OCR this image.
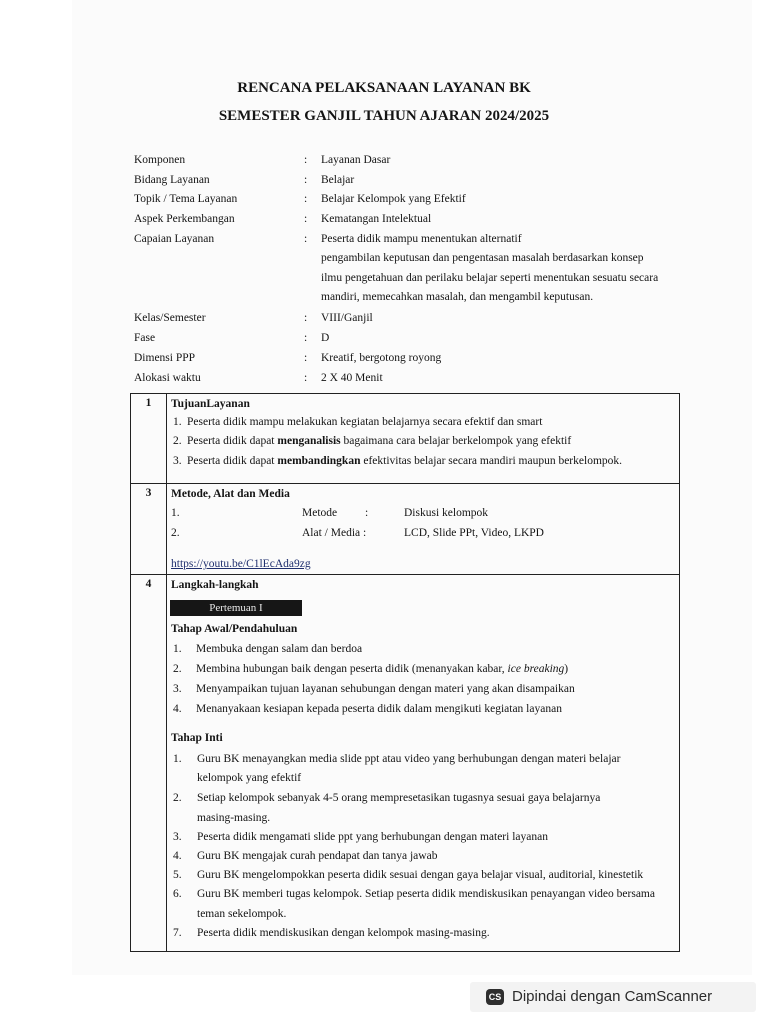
RENCANA PELAKSANAAN LAYANAN BK
SEMESTER GANJIL TAHUN AJARAN 2024/2025
Komponen	: Layanan Dasar
Bidang Layanan	: Belajar
Topik / Tema Layanan	: Belajar Kelompok yang Efektif
Aspek Perkembangan	: Kematangan Intelektual
Capaian Layanan	: Peserta didik mampu menentukan alternatif
pengambilan keputusan dan pengentasan masalah berdasarkan konsep
ilmu pengetahuan dan perilaku belajar seperti menentukan sesuatu secara
mandiri, memecahkan masalah, dan mengambil keputusan.
Kelas/Semester	: VIII/Ganjil
Fase	: D
Dimensi PPP	: Kreatif, bergotong royong
Alokasi waktu	: 2 X 40 Menit
1	TujuanLayanan
1. Peserta didik mampu melakukan kegiatan belajarnya secara efektif dan smart
2. Peserta didik dapat menganalisis bagaimana cara belajar berkelompok yang efektif
3. Peserta didik dapat membandingkan efektivitas belajar secara mandiri maupun berkelompok.
3	Metode, Alat dan Media
1.	Metode :	Diskusi kelompok
2.	Alat / Media :	LCD, Slide PPt, Video, LKPD
https://youtu.be/C1lEcAda9zg
4	Langkah-langkah
Tahap Awal/Pendahuluan
1. Membuka dengan salam dan berdoa
2. Membina hubungan baik dengan peserta didik (menanyakan kabar, ice breaking)
3. Menyampaikan tujuan layanan sehubungan dengan materi yang akan disampaikan
4. Menanyakaan kesiapan kepada peserta didik dalam mengikuti kegiatan layanan
Tahap Inti
1. Guru BK menayangkan media slide ppt atau video yang berhubungan dengan materi belajar
kelompok yang efektif
2. Setiap kelompok sebanyak 4-5 orang mempresetasikan tugasnya sesuai gaya belajarnya
masing-masing.
3. Peserta didik mengamati slide ppt yang berhubungan dengan materi layanan
4. Guru BK mengajak curah pendapat dan tanya jawab
5. Guru BK mengelompokkan peserta didik sesuai dengan gaya belajar visual, auditorial, kinestetik
6. Guru BK memberi tugas kelompok. Setiap peserta didik mendiskusikan penayangan video bersama
teman sekelompok.
7. Peserta didik mendiskusikan dengan kelompok masing-masing.
Pertemuan I
CS Dipindai dengan CamScanner
